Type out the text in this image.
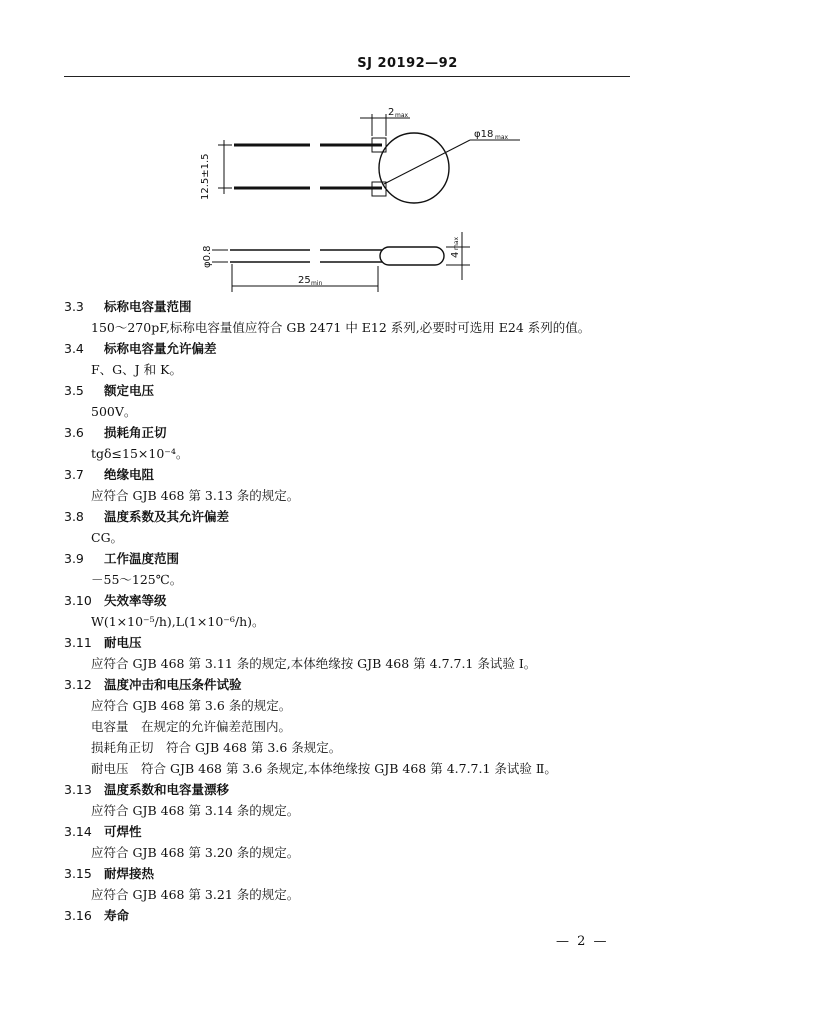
SJ 20192—92
12.5±1.5
2 max
φ18 max
φ0.8	4
max
25 min
3.3 标称电容量范围
150～270pF,标称电容量值应符合 GB 2471 中 E12 系列,必要时可选用 E24 系列的值。
3.4 标称电容量允许偏差
F、G、J 和 K。
3.5 额定电压
500V。
3.6 损耗角正切
tgδ≤15×10⁻⁴。
3.7 绝缘电阻
应符合 GJB 468 第 3.13 条的规定。
3.8 温度系数及其允许偏差
CG。
3.9 工作温度范围
－55～125℃。
3.10 失效率等级
W(1×10⁻⁵/h),L(1×10⁻⁶/h)。
3.11 耐电压
应符合 GJB 468 第 3.11 条的规定,本体绝缘按 GJB 468 第 4.7.7.1 条试验 Ⅰ。
3.12 温度冲击和电压条件试验
应符合 GJB 468 第 3.6 条的规定。
电容量　在规定的允许偏差范围内。
损耗角正切　符合 GJB 468 第 3.6 条规定。
耐电压　符合 GJB 468 第 3.6 条规定,本体绝缘按 GJB 468 第 4.7.7.1 条试验 Ⅱ。
3.13 温度系数和电容量漂移
应符合 GJB 468 第 3.14 条的规定。
3.14 可焊性
应符合 GJB 468 第 3.20 条的规定。
3.15 耐焊接热
应符合 GJB 468 第 3.21 条的规定。
3.16 寿命
— 2 —
